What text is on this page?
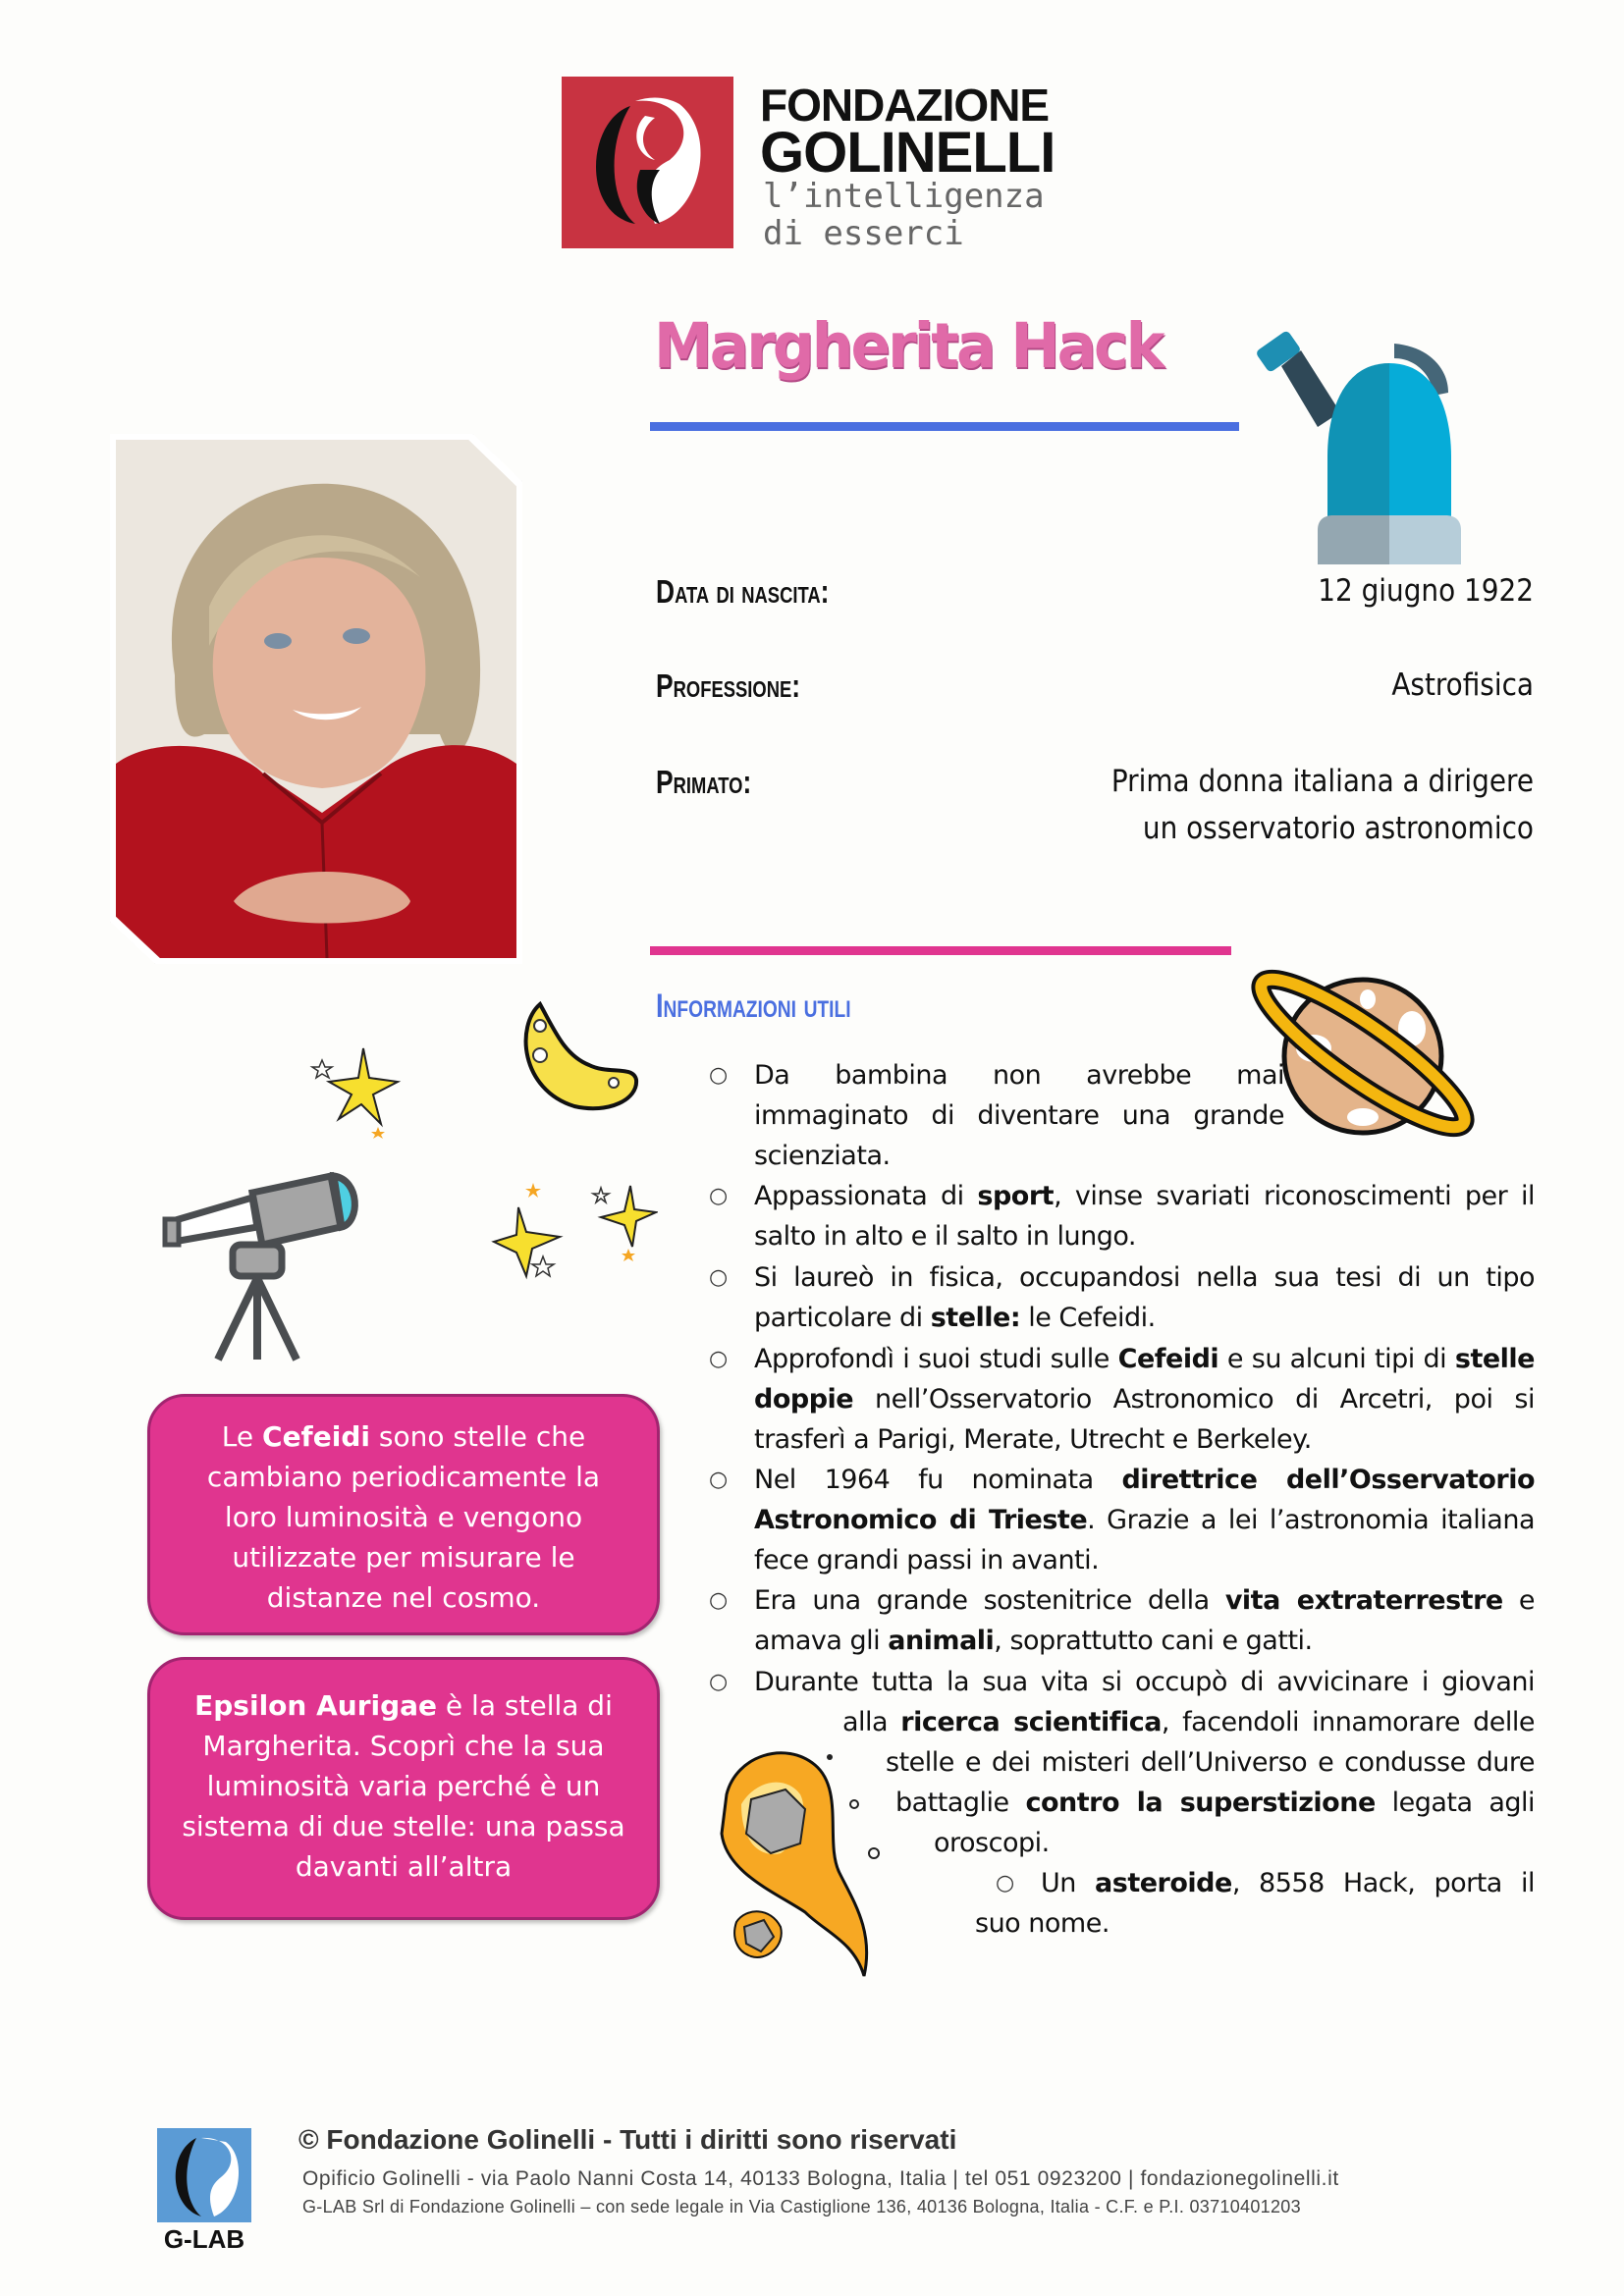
FONDAZIONE
GOLINELLI
l’intelligenza
di esserci
Margherita Hack
Data di nascita:	12 giugno 1922
Professione:	Astrofisica
Primato:	Prima donna italiana a dirigere
un osservatorio astronomico
Informazioni utili
○ Da bambina non avrebbe mai immaginato di diventare una grande scienziata.
○ Appassionata di sport, vinse svariati riconoscimenti per il salto in alto e il salto in lungo.
○ Si laureò in fisica, occupandosi nella sua tesi di un tipo particolare di stelle: le Cefeidi.
○ Approfondì i suoi studi sulle Cefeidi e su alcuni tipi di stelle doppie nell’Osservatorio Astronomico di Arcetri, poi si trasferì a Parigi, Merate, Utrecht e Berkeley.
○ Nel 1964 fu nominata direttrice dell’Osservatorio Astronomico di Trieste. Grazie a lei l’astronomia italiana fece grandi passi in avanti.
○ Era una grande sostenitrice della vita extraterrestre e amava gli animali, soprattutto cani e gatti.
○ Durante tutta la sua vita si occupò di avvicinare i giovani
alla ricerca scientifica, facendoli innamorare delle
stelle e dei misteri dell’Universo e condusse dure
battaglie contro la superstizione legata agli
oroscopi.
○ Un asteroide, 8558 Hack, porta il
suo nome.
Le Cefeidi sono stelle che cambiano periodicamente la loro luminosità e vengono utilizzate per misurare le distanze nel cosmo.
Epsilon Aurigae è la stella di Margherita. Scoprì che la sua luminosità varia perché è un sistema di due stelle: una passa davanti all’altra
G-LAB
© Fondazione Golinelli - Tutti i diritti sono riservati
Opificio Golinelli - via Paolo Nanni Costa 14, 40133 Bologna, Italia | tel 051 0923200 | fondazionegolinelli.it
G-LAB Srl di Fondazione Golinelli – con sede legale in Via Castiglione 136, 40136 Bologna, Italia - C.F. e P.I. 03710401203
